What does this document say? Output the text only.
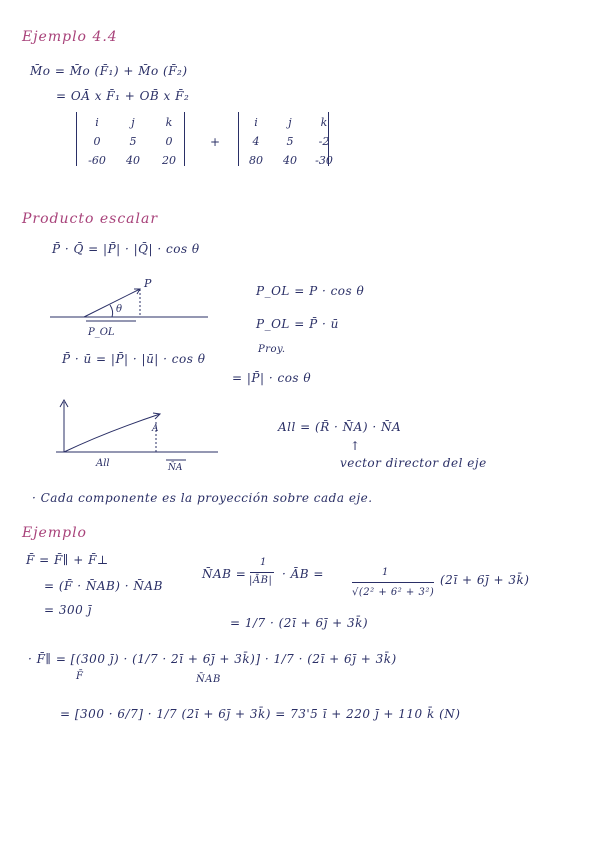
Ejemplo 4.4
M̄o = M̄o (F̄₁) + M̄o (F̄₂)
= OĀ x F̄₁ + OB̄ x F̄₂
i	j	k
0	5	0
-60	40	20
+
i	j	k
4	5	-2
80	40	-30
Producto escalar
P̄ · Q̄ = |P̄| · |Q̄| · cos θ
P
θ
P_OL
P_OL = P · cos θ
P_OL = P̄ · ū
P̄ · ū = |P̄| · |ū| · cos θ
Proy.
= |P̄| · cos θ
A
All	N̄A
All = (R̄ · N̄A) · N̄A
↑
vector director del eje
· Cada componente es la proyección sobre cada eje.
Ejemplo
F̄ = F̄∥ + F̄⊥
= (F̄ · N̄AB) · N̄AB
= 300 j̄
N̄AB =
1
|ĀB| · ĀB =	1
√(2² + 6² + 3²)
(2ī + 6j̄ + 3k̄)
= 1/7 · (2ī + 6j̄ + 3k̄)
· F̄∥ = [(300 j̄) · (1/7 · 2ī + 6j̄ + 3k̄)] · 1/7 · (2ī + 6j̄ + 3k̄)
F̄	N̄AB
= [300 · 6/7] · 1/7 (2ī + 6j̄ + 3k̄) = 73'5 ī + 220 j̄ + 110 k̄ (N)
